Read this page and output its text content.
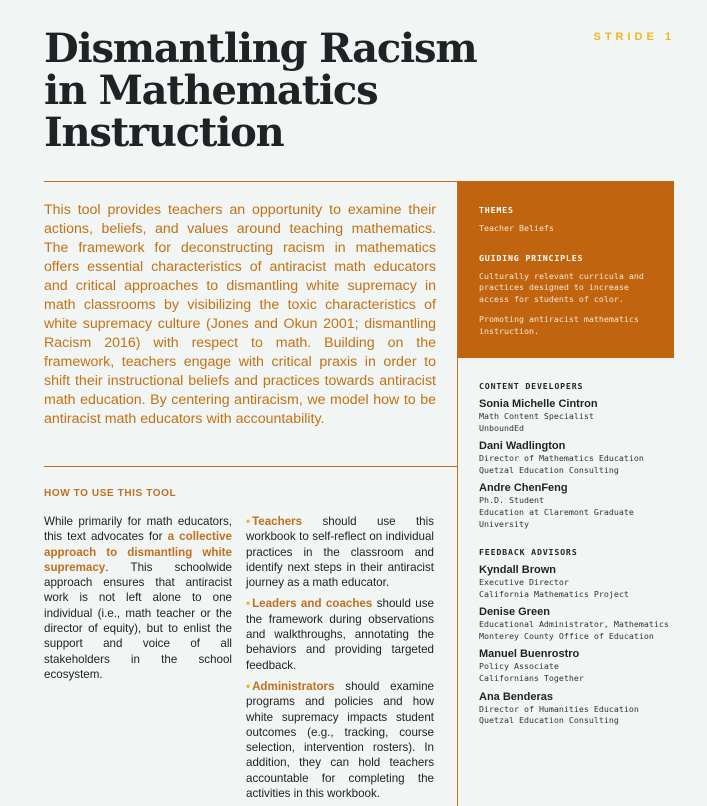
STRIDE 1
Dismantling Racism in Mathematics Instruction

This tool provides teachers an opportunity to examine their actions, beliefs, and values around teaching mathematics. The framework for deconstructing racism in mathematics offers essential characteristics of antiracist math educators and critical approaches to dismantling white supremacy in math classrooms by visibilizing the toxic characteristics of white supremacy culture (Jones and Okun 2001; dismantling Racism 2016) with respect to math. Building on the framework, teachers engage with critical praxis in order to shift their instructional beliefs and practices towards antiracist math education. By centering antiracism, we model how to be antiracist math educators with accountability.

HOW TO USE THIS TOOL

While primarily for math educators, this text advocates for a collective approach to dismantling white supremacy. This schoolwide approach ensures that antiracist work is not left alone to one individual (i.e., math teacher or the director of equity), but to enlist the support and voice of all stakeholders in the school ecosystem.

• Teachers should use this workbook to self-reflect on individual practices in the classroom and identify next steps in their antiracist journey as a math educator.

• Leaders and coaches should use the framework during observations and walkthroughs, annotating the behaviors and providing targeted feedback.

• Administrators should examine programs and policies and how white supremacy impacts student outcomes (e.g., tracking, course selection, intervention rosters). In addition, they can hold teachers accountable for completing the activities in this workbook.

THEMES
Teacher Beliefs
GUIDING PRINCIPLES
Culturally relevant curricula and practices designed to increase access for students of color.
Promoting antiracist mathematics instruction.
CONTENT DEVELOPERS
Sonia Michelle Cintron
Math Content Specialist
UnboundEd
Dani Wadlington
Director of Mathematics Education
Quetzal Education Consulting
Andre ChenFeng
Ph.D. Student
Education at Claremont Graduate
University
FEEDBACK ADVISORS
Kyndall Brown
Executive Director
California Mathematics Project
Denise Green
Educational Administrator, Mathematics
Monterey County Office of Education
Manuel Buenrostro
Policy Associate
Californians Together
Ana Benderas
Director of Humanities Education
Quetzal Education Consulting
